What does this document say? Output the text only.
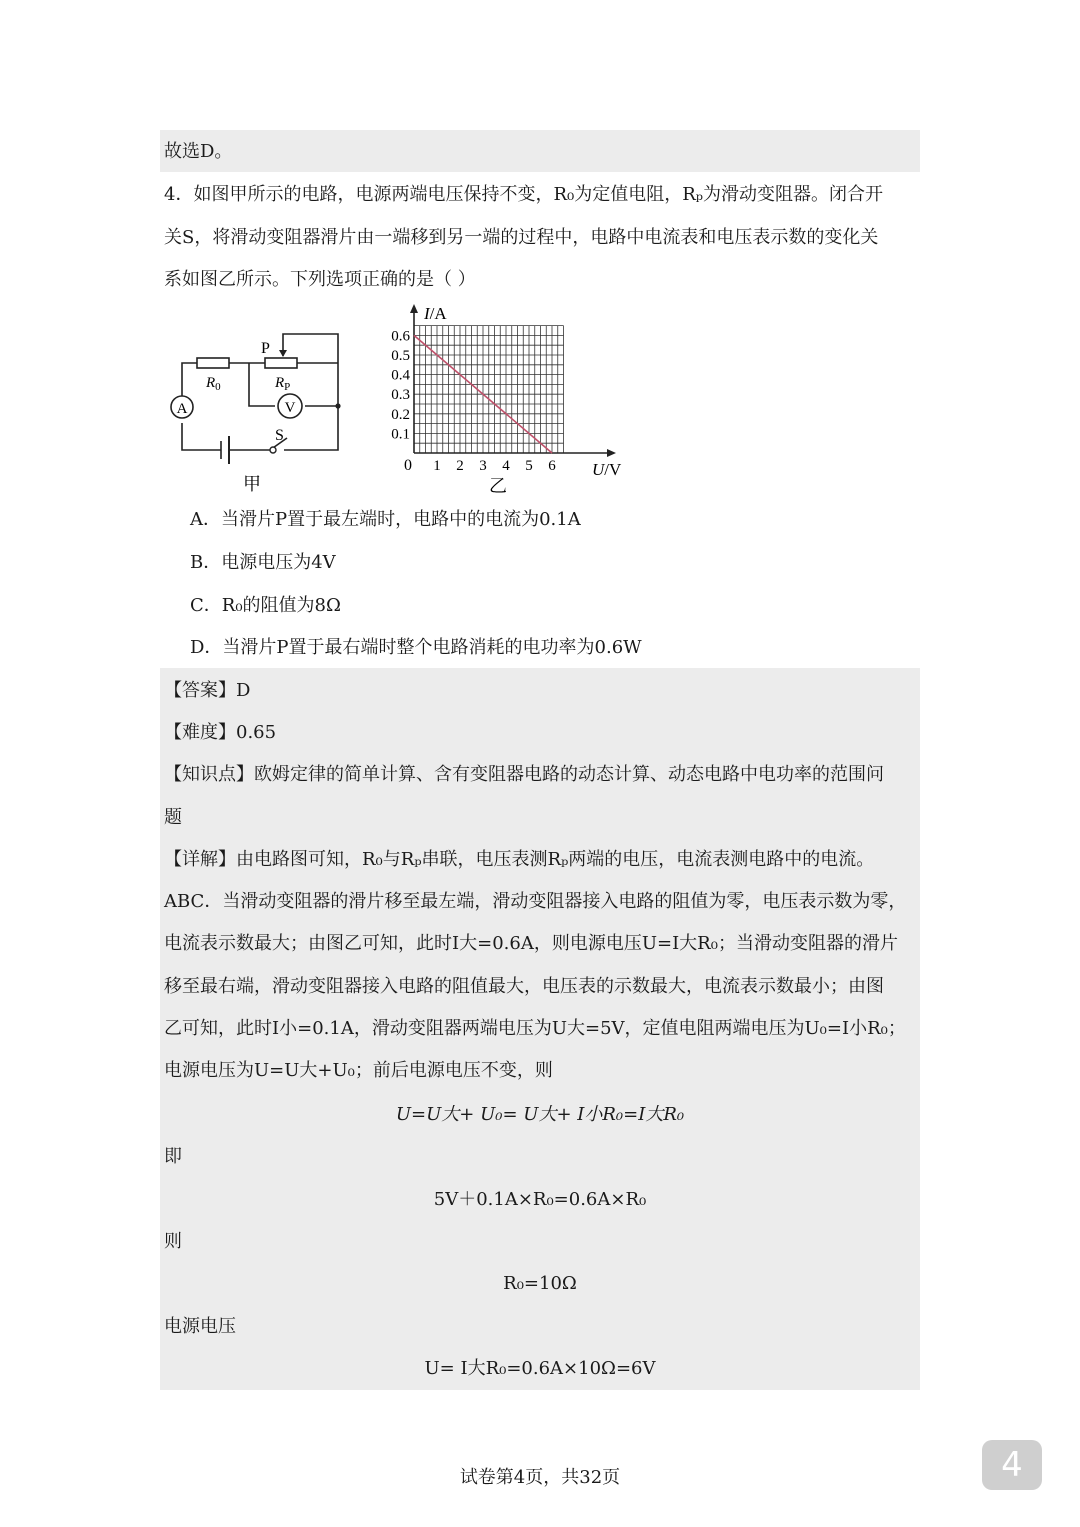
故选D。
4．如图甲所示的电路，电源两端电压保持不变，R₀为定值电阻，Rₚ为滑动变阻器。闭合开
关S，将滑动变阻器滑片由一端移到另一端的过程中，电路中电流表和电压表示数的变化关
系如图乙所示。下列选项正确的是（ ）
A	V
P
S
$R_0$	$R_P$
甲
0.1
0.2
0.3
0.4
0.5
0.6
1 2 3 4 5 6
0
I/A
U/V
乙
A．当滑片P置于最左端时，电路中的电流为0.1A
B．电源电压为4V
C．R₀的阻值为8Ω
D．当滑片P置于最右端时整个电路消耗的电功率为0.6W
【答案】D
【难度】0.65
【知识点】欧姆定律的简单计算、含有变阻器电路的动态计算、动态电路中电功率的范围问
题
【详解】由电路图可知，R₀与Rₚ串联，电压表测Rₚ两端的电压，电流表测电路中的电流。
ABC．当滑动变阻器的滑片移至最左端，滑动变阻器接入电路的阻值为零，电压表示数为零，
电流表示数最大；由图乙可知，此时I大=0.6A，则电源电压U=I大R₀；当滑动变阻器的滑片
移至最右端，滑动变阻器接入电路的阻值最大，电压表的示数最大，电流表示数最小；由图
乙可知，此时I小=0.1A，滑动变阻器两端电压为U大=5V，定值电阻两端电压为U₀=I小R₀；
电源电压为U=U大+U₀；前后电源电压不变，则
U=U大+ U₀= U大+ I小R₀=I大R₀
即
5V＋0.1A×R₀=0.6A×R₀
则
R₀=10Ω
电源电压
U= I大R₀=0.6A×10Ω=6V
试卷第4页，共32页	4
